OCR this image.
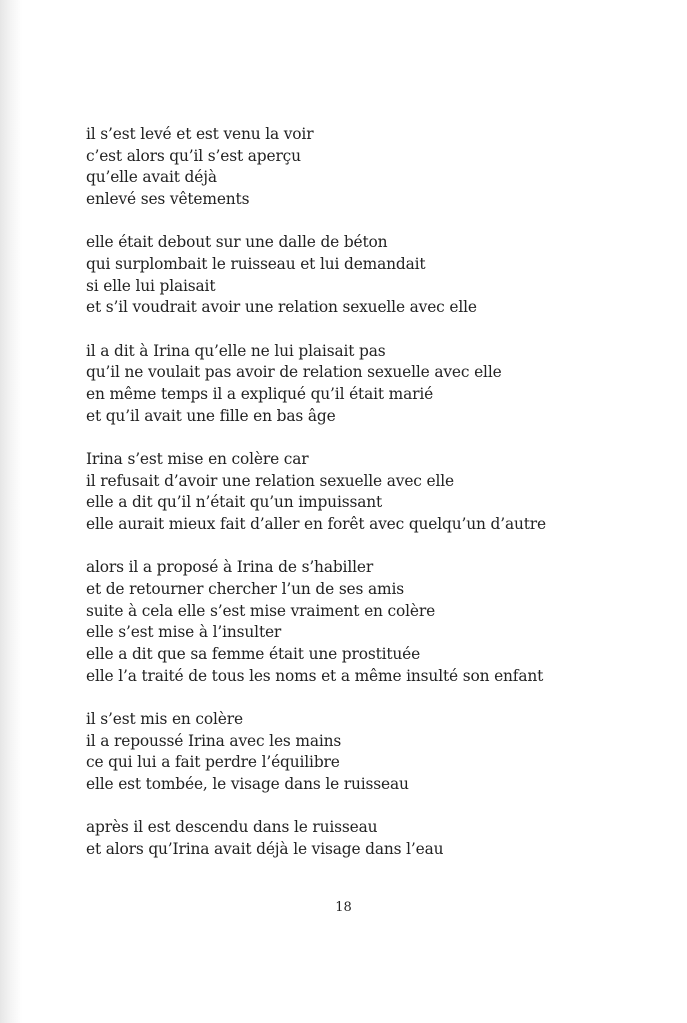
il s’est levé et est venu la voir
c’est alors qu’il s’est aperçu
qu’elle avait déjà
enlevé ses vêtements
elle était debout sur une dalle de béton
qui surplombait le ruisseau et lui demandait
si elle lui plaisait
et s’il voudrait avoir une relation sexuelle avec elle
il a dit à Irina qu’elle ne lui plaisait pas
qu’il ne voulait pas avoir de relation sexuelle avec elle
en même temps il a expliqué qu’il était marié
et qu’il avait une fille en bas âge
Irina s’est mise en colère car
il refusait d’avoir une relation sexuelle avec elle
elle a dit qu’il n’était qu’un impuissant
elle aurait mieux fait d’aller en forêt avec quelqu’un d’autre
alors il a proposé à Irina de s’habiller
et de retourner chercher l’un de ses amis
suite à cela elle s’est mise vraiment en colère
elle s’est mise à l’insulter
elle a dit que sa femme était une prostituée
elle l’a traité de tous les noms et a même insulté son enfant
il s’est mis en colère
il a repoussé Irina avec les mains
ce qui lui a fait perdre l’équilibre
elle est tombée, le visage dans le ruisseau
après il est descendu dans le ruisseau
et alors qu’Irina avait déjà le visage dans l’eau
18
